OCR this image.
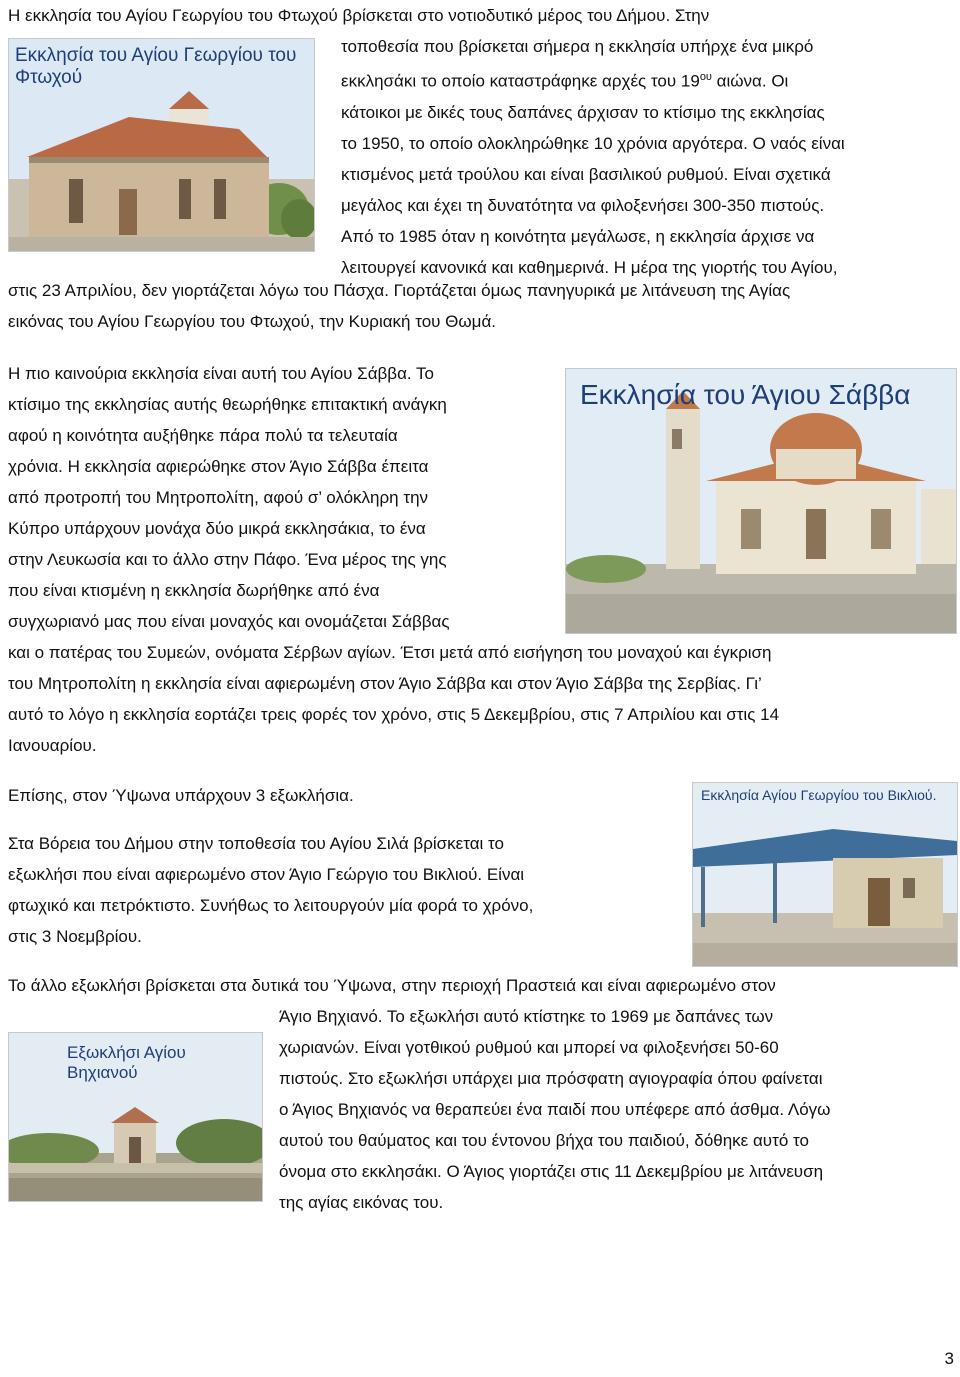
Εκκλησία του Αγίου Γεωργίου του Φτωχού
Η εκκλησία του Αγίου Γεωργίου του Φτωχού βρίσκεται στο νοτιοδυτικό μέρος του Δήμου. Στην
τοποθεσία που βρίσκεται σήμερα η εκκλησία υπήρχε ένα μικρό
εκκλησάκι το οποίο καταστράφηκε αρχές του $19^{o\upsilon}$ αιώνα. Οι
κάτοικοι με δικές τους δαπάνες άρχισαν το κτίσιμο της εκκλησίας
το 1950, το οποίο ολοκληρώθηκε 10 χρόνια αργότερα. Ο ναός είναι
κτισμένος μετά τρούλου και είναι βασιλικού ρυθμού. Είναι σχετικά
μεγάλος και έχει τη δυνατότητα να φιλοξενήσει 300-350 πιστούς.
Από το 1985 όταν η κοινότητα μεγάλωσε, η εκκλησία άρχισε να
λειτουργεί κανονικά και καθημερινά. Η μέρα της γιορτής του Αγίου,
στις 23 Απριλίου, δεν γιορτάζεται λόγω του Πάσχα. Γιορτάζεται όμως πανηγυρικά με λιτάνευση της Αγίας
εικόνας του Αγίου Γεωργίου του Φτωχού, την Κυριακή του Θωμά.
Εκκλησία του Άγιου Σάββα
Η πιο καινούρια εκκλησία είναι αυτή του Αγίου Σάββα. Το
κτίσιμο της εκκλησίας αυτής θεωρήθηκε επιτακτική ανάγκη
αφού η κοινότητα αυξήθηκε πάρα πολύ τα τελευταία
χρόνια. Η εκκλησία αφιερώθηκε στον Άγιο Σάββα έπειτα
από προτροπή του Μητροπολίτη, αφού σ’ ολόκληρη την
Κύπρο υπάρχουν μονάχα δύο μικρά εκκλησάκια, το ένα
στην Λευκωσία και το άλλο στην Πάφο. Ένα μέρος της γης
που είναι κτισμένη η εκκλησία δωρήθηκε από ένα
συγχωριανό μας που είναι μοναχός και ονομάζεται Σάββας
και ο πατέρας του Συμεών, ονόματα Σέρβων αγίων. Έτσι μετά από εισήγηση του μοναχού και έγκριση
του Μητροπολίτη η εκκλησία είναι αφιερωμένη στον Άγιο Σάββα και στον Άγιο Σάββα της Σερβίας. Γι’
αυτό το λόγο η εκκλησία εορτάζει τρεις φορές τον χρόνο, στις 5 Δεκεμβρίου, στις 7 Απριλίου και στις 14
Ιανουαρίου.
Επίσης, στον Ύψωνα υπάρχουν 3 εξωκλήσια.	Εκκλησία Αγίου Γεωργίου του Βικλιού.
Στα Βόρεια του Δήμου στην τοποθεσία του Αγίου Σιλά βρίσκεται το
εξωκλήσι που είναι αφιερωμένο στον Άγιο Γεώργιο του Βικλιού. Είναι
φτωχικό και πετρόκτιστο. Συνήθως το λειτουργούν μία φορά το χρόνο,
στις 3 Νοεμβρίου.
Το άλλο εξωκλήσι βρίσκεται στα δυτικά του Ύψωνα, στην περιοχή Πραστειά και είναι αφιερωμένο στον
Εξωκλήσι Αγίου Βηχιανού
Άγιο Βηχιανό. Το εξωκλήσι αυτό κτίστηκε το 1969 με δαπάνες των
χωριανών. Είναι γοτθικού ρυθμού και μπορεί να φιλοξενήσει 50-60
πιστούς. Στο εξωκλήσι υπάρχει μια πρόσφατη αγιογραφία όπου φαίνεται
ο Άγιος Βηχιανός να θεραπεύει ένα παιδί που υπέφερε από άσθμα. Λόγω
αυτού του θαύματος και του έντονου βήχα του παιδιού, δόθηκε αυτό το
όνομα στο εκκλησάκι. Ο Άγιος γιορτάζει στις 11 Δεκεμβρίου με λιτάνευση
της αγίας εικόνας του.
3
